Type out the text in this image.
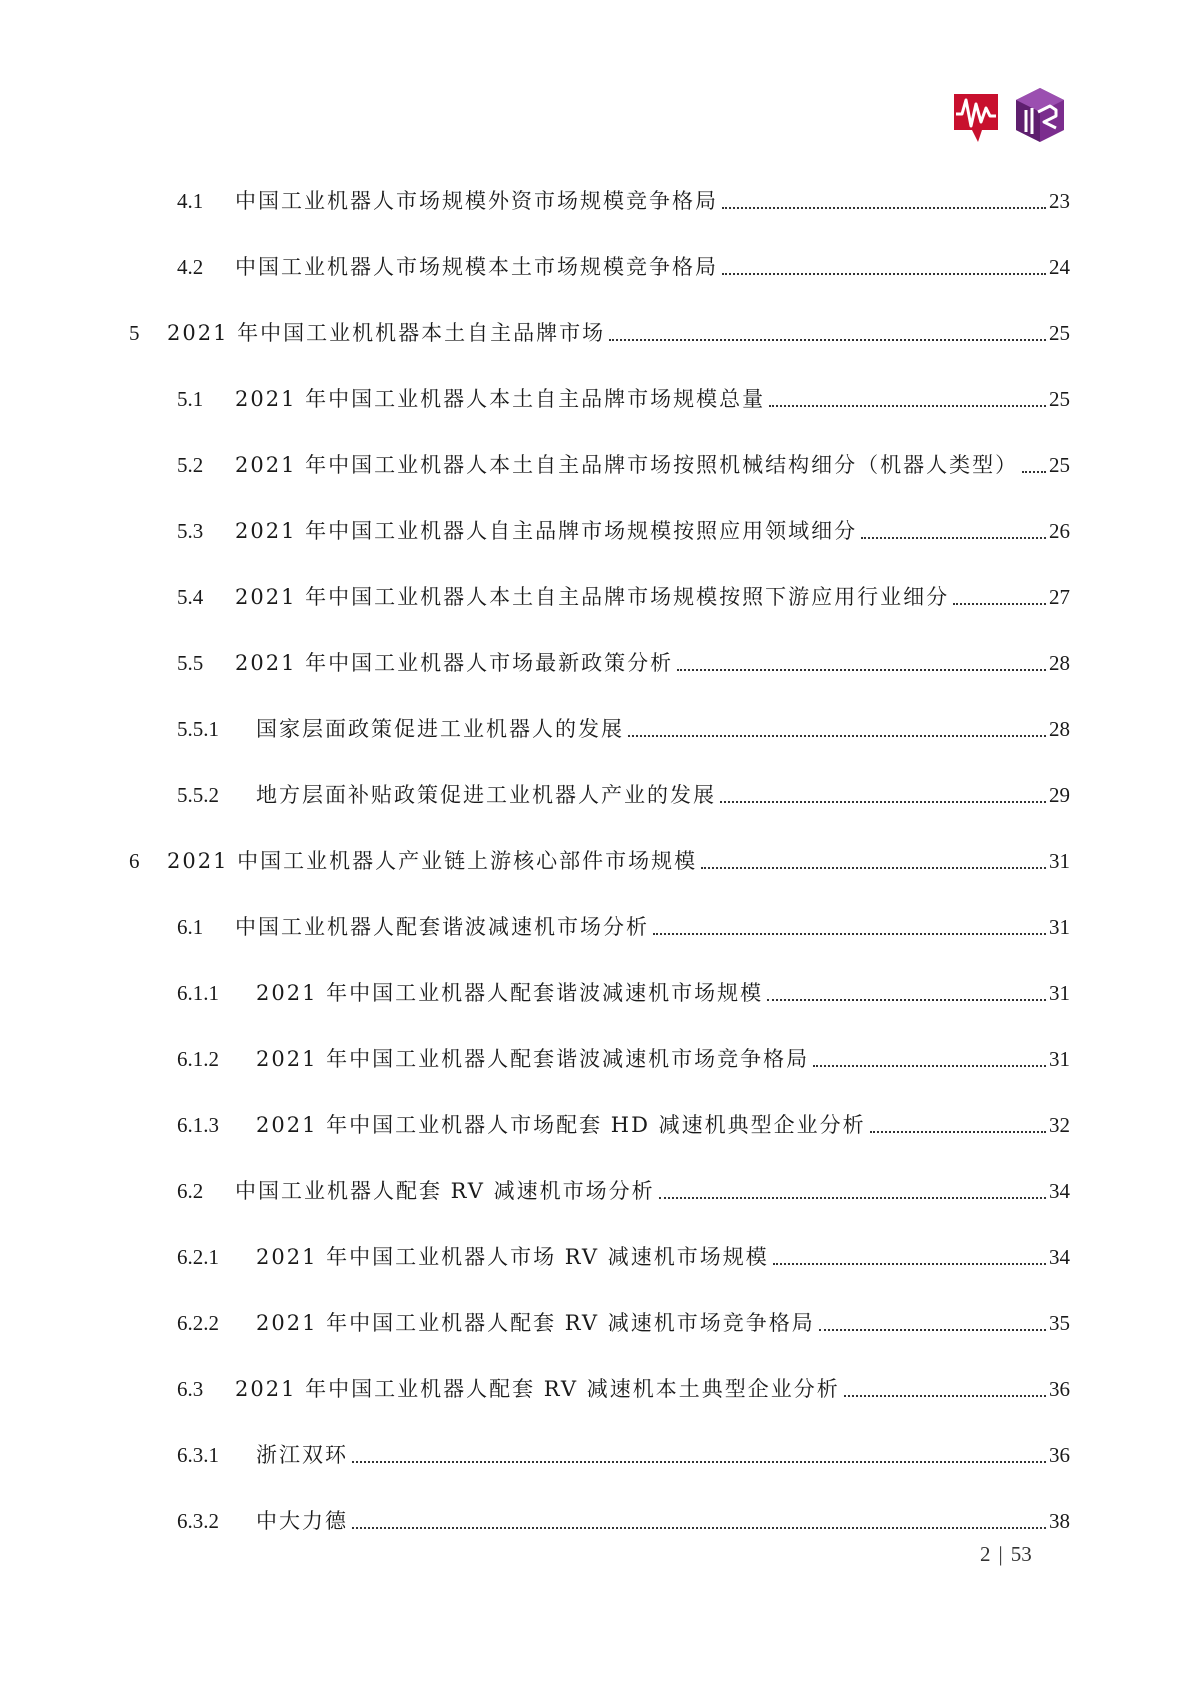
4.1	中国工业机器人市场规模外资市场规模竞争格局	23
4.2	中国工业机器人市场规模本土市场规模竞争格局	24
5	2021 年中国工业机机器本土自主品牌市场	25
5.1	2021 年中国工业机器人本土自主品牌市场规模总量	25
5.2	2021 年中国工业机器人本土自主品牌市场按照机械结构细分（机器人类型） 25
5.3	2021 年中国工业机器人自主品牌市场规模按照应用领域细分	26
5.4	2021 年中国工业机器人本土自主品牌市场规模按照下游应用行业细分	27
5.5	2021 年中国工业机器人市场最新政策分析	28
5.5.1	国家层面政策促进工业机器人的发展	28
5.5.2	地方层面补贴政策促进工业机器人产业的发展	29
6	2021 中国工业机器人产业链上游核心部件市场规模	31
6.1	中国工业机器人配套谐波减速机市场分析	31
6.1.1	2021 年中国工业机器人配套谐波减速机市场规模	31
6.1.2	2021 年中国工业机器人配套谐波减速机市场竞争格局	31
6.1.3	2021 年中国工业机器人市场配套 HD 减速机典型企业分析	32
6.2	中国工业机器人配套 RV 减速机市场分析	34
6.2.1	2021 年中国工业机器人市场 RV 减速机市场规模	34
6.2.2	2021 年中国工业机器人配套 RV 减速机市场竞争格局	35
6.3	2021 年中国工业机器人配套 RV 减速机本土典型企业分析	36
6.3.1	浙江双环	36
6.3.2	中大力德	38
2 | 53
